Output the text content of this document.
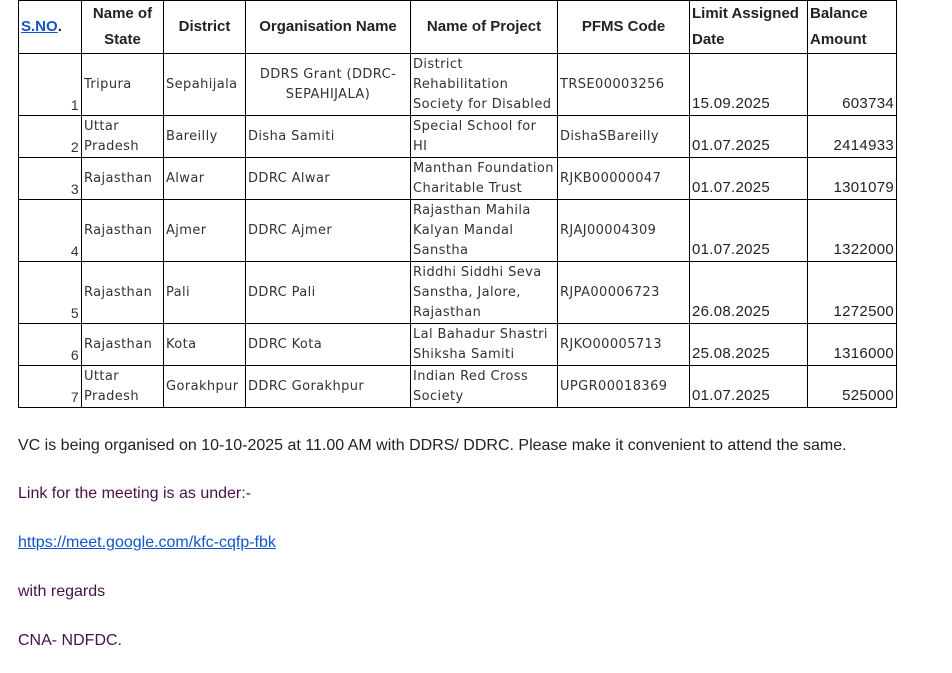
S.NO.	Name of State	District	Organisation Name	Name of Project	PFMS Code	Limit Assigned Date	Balance Amount
1	Tripura	Sepahijala	DDRS Grant (DDRC-SEPAHIJALA)	District Rehabilitation Society for Disabled	TRSE00003256	15.09.2025	603734
2	Uttar Pradesh	Bareilly	Disha Samiti	Special School for HI	DishaSBareilly	01.07.2025	2414933
3	Rajasthan	Alwar	DDRC Alwar	Manthan Foundation Charitable Trust	RJKB00000047	01.07.2025	1301079
4	Rajasthan	Ajmer	DDRC Ajmer	Rajasthan Mahila Kalyan Mandal Sanstha	RJAJ00004309	01.07.2025	1322000
5	Rajasthan	Pali	DDRC Pali	Riddhi Siddhi Seva Sanstha, Jalore, Rajasthan	RJPA00006723	26.08.2025	1272500
6	Rajasthan	Kota	DDRC Kota	Lal Bahadur Shastri Shiksha Samiti	RJKO00005713	25.08.2025	1316000
7	Uttar Pradesh	Gorakhpur	DDRC Gorakhpur	Indian Red Cross Society	UPGR00018369	01.07.2025	525000
VC is being organised on 10-10-2025 at 11.00 AM with DDRS/ DDRC. Please make it convenient to attend the same.
Link for the meeting is as under:-
https://meet.google.com/kfc-cqfp-fbk
with regards
CNA- NDFDC.
